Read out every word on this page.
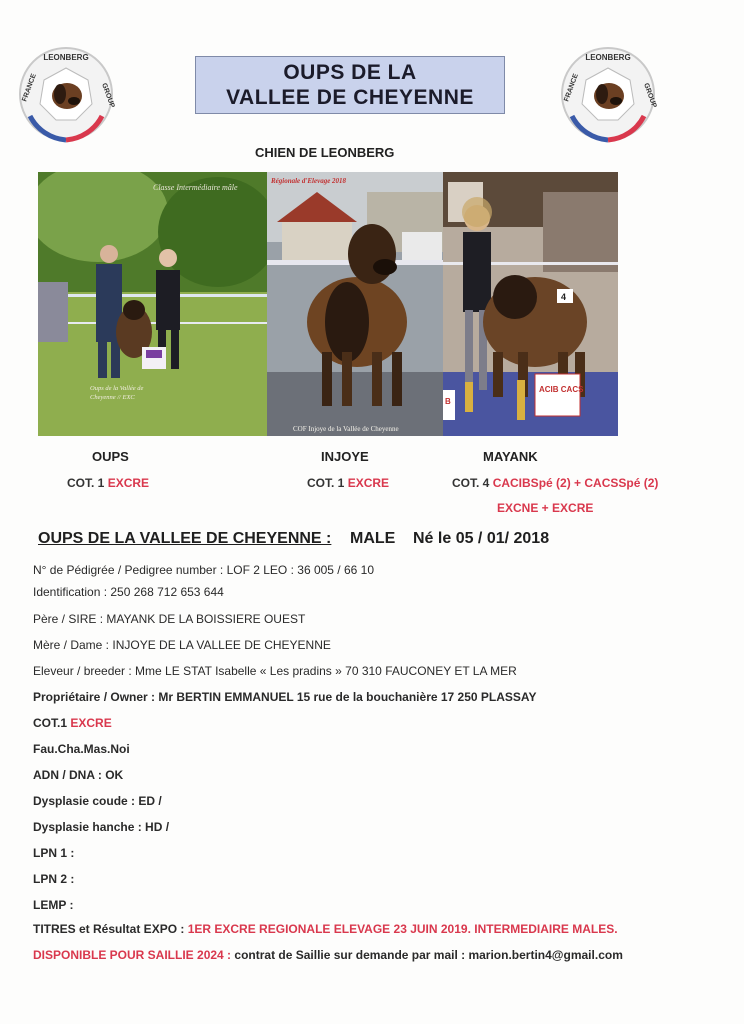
LEONBERG
FRANCE	GROUP
LEONBERG
FRANCE	GROUP
OUPS DE LA
VALLEE DE CHEYENNE
CHIEN DE LEONBERG
Classe Intermédiaire mâle
Oups de la Vallée de
Cheyenne // EXC
Régionale d'Elevage 2018
COF Injoye de la Vallée de Cheyenne
4
B
ACIB CACS
OUPS	INJOYE	MAYANK
COT. 1 EXCRE	COT. 1 EXCRE	COT. 4 CACIBSpé (2) + CACSSpé (2)
EXCNE + EXCRE
OUPS DE LA VALLEE DE CHEYENNE : MALE Né le 05 / 01/ 2018
N° de Pédigrée / Pedigree number : LOF 2 LEO : 36 005 / 66 10
Identification : 250 268 712 653 644
Père / SIRE : MAYANK DE LA BOISSIERE OUEST
Mère / Dame : INJOYE DE LA VALLEE DE CHEYENNE
Eleveur / breeder : Mme LE STAT Isabelle « Les pradins » 70 310 FAUCONEY ET LA MER
Propriétaire / Owner : Mr BERTIN EMMANUEL 15 rue de la bouchanière 17 250 PLASSAY
COT.1 EXCRE
Fau.Cha.Mas.Noi
ADN / DNA : OK
Dysplasie coude : ED /
Dysplasie hanche : HD /
LPN 1 :
LPN 2 :
LEMP :
TITRES et Résultat EXPO : 1ER EXCRE REGIONALE ELEVAGE 23 JUIN 2019. INTERMEDIAIRE MALES.
DISPONIBLE POUR SAILLIE 2024 : contrat de Saillie sur demande par mail : marion.bertin4@gmail.com
